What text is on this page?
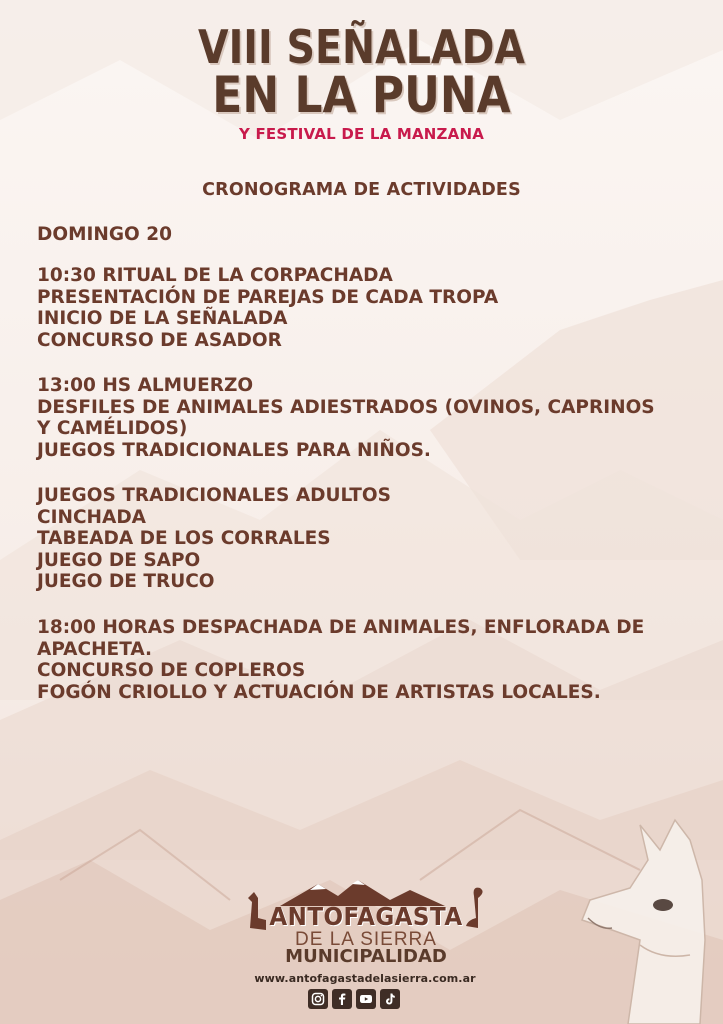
VIII SEÑALADA
EN LA PUNA
Y FESTIVAL DE LA MANZANA
CRONOGRAMA DE ACTIVIDADES
DOMINGO 20
10:30 RITUAL DE LA CORPACHADA
PRESENTACIÓN DE PAREJAS DE CADA TROPA
INICIO DE LA SEÑALADA
CONCURSO DE ASADOR
13:00 HS ALMUERZO
DESFILES DE ANIMALES ADIESTRADOS (OVINOS, CAPRINOS
Y CAMÉLIDOS)
JUEGOS TRADICIONALES PARA NIÑOS.
JUEGOS TRADICIONALES ADULTOS
CINCHADA
TABEADA DE LOS CORRALES
JUEGO DE SAPO
JUEGO DE TRUCO
18:00 HORAS DESPACHADA DE ANIMALES, ENFLORADA DE
APACHETA.
CONCURSO DE COPLEROS
FOGÓN CRIOLLO Y ACTUACIÓN DE ARTISTAS LOCALES.
ANTOFAGASTA
DE LA SIERRA
MUNICIPALIDAD
www.antofagastadelasierra.com.ar
